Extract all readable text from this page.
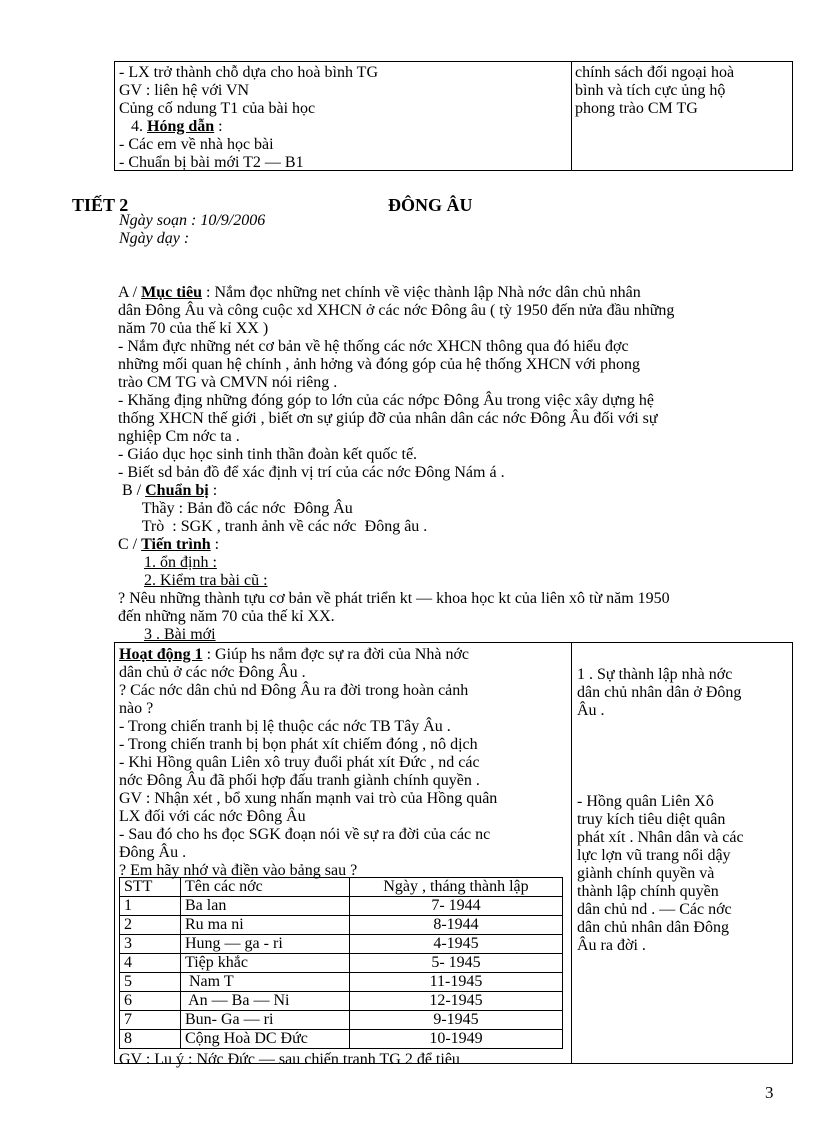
- LX trở thành chỗ dựa cho hoà bình TG
GV : liên hệ với VN
Củng cố ndung T1 của bài học
4. Hóng dẫn :
- Các em về nhà học bài
- Chuẩn bị bài mới T2 — B1
chính sách đối ngoại hoà
bình và tích cực ủng hộ
phong trào CM TG
TIẾT 2	ĐÔNG ÂU
Ngày soạn : 10/9/2006
Ngày dạy :
A / Mục tiêu : Nắm đọc những net chính về việc thành lập Nhà nớc dân chủ nhân
dân Đông Âu và công cuộc xd XHCN ở các nớc Đông âu ( tỳ 1950 đến nửa đầu những
năm 70 của thế kỉ XX )
- Nắm đực những nét cơ bản về hệ thống các nớc XHCN thông qua đó hiểu đợc
những mối quan hệ chính , ảnh hởng và đóng góp của hệ thống XHCN với phong
trào CM TG và CMVN nói riêng .
- Khăng địng những đóng góp to lớn của các nớpc Đông Âu trong việc xây dựng hệ
thống XHCN thế giới , biết ơn sự giúp đỡ của nhân dân các nớc Đông Âu đối với sự
nghiệp Cm nớc ta .
- Giáo dục học sinh tinh thần đoàn kết quốc tế.
- Biết sd bản đồ để xác định vị trí của các nớc Đông Nám á .
B / Chuẩn bị :
Thầy : Bản đồ các nớc  Đông Âu
Trò  : SGK , tranh ảnh về các nớc  Đông âu .
C / Tiến trình :
1. ổn định :
2. Kiểm tra bài cũ :
? Nêu những thành tựu cơ bản về phát triển kt — khoa học kt của liên xô từ năm 1950
đến những năm 70 của thế kỉ XX.
3 . Bài mới
Hoạt động 1 : Giúp hs nắm đợc sự ra đời của Nhà nớc
dân chủ ở các nớc Đông Âu .
? Các nớc dân chủ nd Đông Âu ra đời trong hoàn cảnh
nào ?
- Trong chiến tranh bị lệ thuộc các nớc TB Tây Âu .
- Trong chiến tranh bị bọn phát xít chiếm đóng , nô dịch
- Khi Hồng quân Liên xô truy đuổi phát xít Đức , nd các
nớc Đông Âu đã phối hợp đấu tranh giành chính quyền .
GV : Nhận xét , bổ xung nhấn mạnh vai trò của Hồng quân
LX đối với các nớc Đông Âu
- Sau đó cho hs đọc SGK đoạn nói về sự ra đời của các nc
Đông Âu .
? Em hãy nhớ và điền vào bảng sau ?
STT	Tên các nớc	Ngày , tháng thành lập
1	Ba lan	7- 1944
2	Ru ma ni	8-1944
3	Hung — ga - ri	4-1945
4	Tiệp khắc	5- 1945
5	Nam T	11-1945
6	An — Ba — Ni	12-1945
7	Bun- Ga — ri	9-1945
8	Cộng Hoà DC Đức	10-1949
GV : Lu ý : Nớc Đức — sau chiến tranh TG 2 để tiêu
1 . Sự thành lập nhà nớc
dân chủ nhân dân ở Đông
Âu .
- Hồng quân Liên Xô
truy kích tiêu diệt quân
phát xít . Nhân dân và các
lực lợn vũ trang nổi dậy
giành chính quyền và
thành lập chính quyền
dân chủ nd . — Các nớc
dân chủ nhân dân Đông
Âu ra đời .
3
